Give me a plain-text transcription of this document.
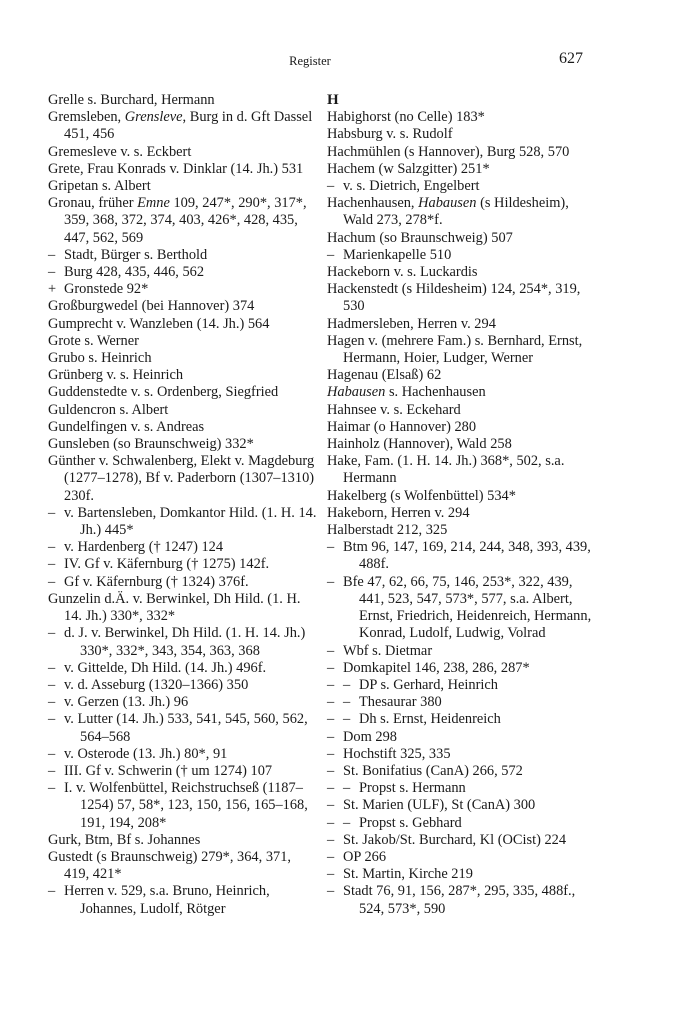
Register	627
Grelle s. Burchard, Hermann
Gremsleben, Grensleve, Burg in d. Gft Dassel 451, 456
Gremesleve v. s. Eckbert
Grete, Frau Konrads v. Dinklar (14. Jh.) 531
Gripetan s. Albert
Gronau, früher Emne 109, 247*, 290*, 317*, 359, 368, 372, 374, 403, 426*, 428, 435, 447, 562, 569
– Stadt, Bürger s. Berthold
– Burg 428, 435, 446, 562
+ Gronstede 92*
Großburgwedel (bei Hannover) 374
Gumprecht v. Wanzleben (14. Jh.) 564
Grote s. Werner
Grubo s. Heinrich
Grünberg v. s. Heinrich
Guddenstedte v. s. Ordenberg, Siegfried
Guldencron s. Albert
Gundelfingen v. s. Andreas
Gunsleben (so Braunschweig) 332*
Günther v. Schwalenberg, Elekt v. Magdeburg (1277–1278), Bf v. Paderborn (1307–1310) 230f.
– v. Bartensleben, Domkantor Hild. (1. H. 14. Jh.) 445*
– v. Hardenberg († 1247) 124
– IV. Gf v. Käfernburg († 1275) 142f.
– Gf v. Käfernburg († 1324) 376f.
Gunzelin d.Ä. v. Berwinkel, Dh Hild. (1. H. 14. Jh.) 330*, 332*
– d. J. v. Berwinkel, Dh Hild. (1. H. 14. Jh.) 330*, 332*, 343, 354, 363, 368
– v. Gittelde, Dh Hild. (14. Jh.) 496f.
– v. d. Asseburg (1320–1366) 350
– v. Gerzen (13. Jh.) 96
– v. Lutter (14. Jh.) 533, 541, 545, 560, 562, 564–568
– v. Osterode (13. Jh.) 80*, 91
– III. Gf v. Schwerin († um 1274) 107
– I. v. Wolfenbüttel, Reichstruchseß (1187–1254) 57, 58*, 123, 150, 156, 165–168, 191, 194, 208*
Gurk, Btm, Bf s. Johannes
Gustedt (s Braunschweig) 279*, 364, 371, 419, 421*
– Herren v. 529, s.a. Bruno, Heinrich, Johannes, Ludolf, Rötger
H
Habighorst (no Celle) 183*
Habsburg v. s. Rudolf
Hachmühlen (s Hannover), Burg 528, 570
Hachem (w Salzgitter) 251*
– v. s. Dietrich, Engelbert
Hachenhausen, Habausen (s Hildesheim), Wald 273, 278*f.
Hachum (so Braunschweig) 507
– Marienkapelle 510
Hackeborn v. s. Luckardis
Hackenstedt (s Hildesheim) 124, 254*, 319, 530
Hadmersleben, Herren v. 294
Hagen v. (mehrere Fam.) s. Bernhard, Ernst, Hermann, Hoier, Ludger, Werner
Hagenau (Elsaß) 62
Habausen s. Hachenhausen
Hahnsee v. s. Eckehard
Haimar (o Hannover) 280
Hainholz (Hannover), Wald 258
Hake, Fam. (1. H. 14. Jh.) 368*, 502, s.a. Hermann
Hakelberg (s Wolfenbüttel) 534*
Hakeborn, Herren v. 294
Halberstadt 212, 325
– Btm 96, 147, 169, 214, 244, 348, 393, 439, 488f.
– Bfe 47, 62, 66, 75, 146, 253*, 322, 439, 441, 523, 547, 573*, 577, s.a. Albert, Ernst, Friedrich, Heidenreich, Hermann, Konrad, Ludolf, Ludwig, Volrad
– Wbf s. Dietmar
– Domkapitel 146, 238, 286, 287*
– – DP s. Gerhard, Heinrich
– – Thesaurar 380
– – Dh s. Ernst, Heidenreich
– Dom 298
– Hochstift 325, 335
– St. Bonifatius (CanA) 266, 572
– – Propst s. Hermann
– St. Marien (ULF), St (CanA) 300
– – Propst s. Gebhard
– St. Jakob/St. Burchard, Kl (OCist) 224
– OP 266
– St. Martin, Kirche 219
– Stadt 76, 91, 156, 287*, 295, 335, 488f., 524, 573*, 590
